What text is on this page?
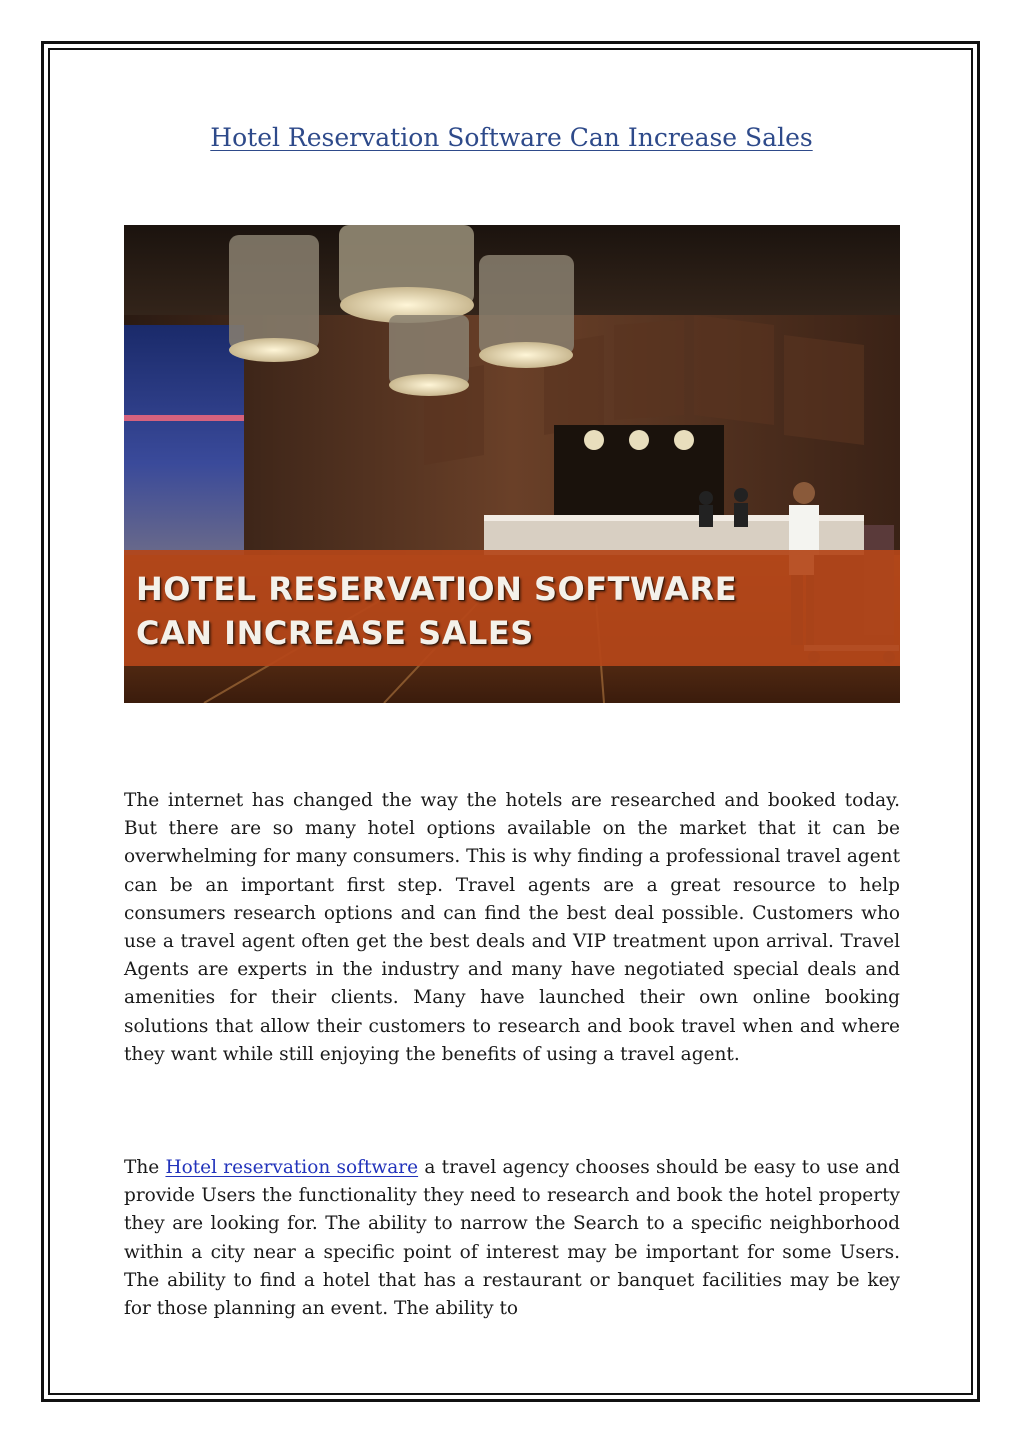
Hotel Reservation Software Can Increase Sales
HOTEL RESERVATION SOFTWARE
CAN INCREASE SALES

The internet has changed the way the hotels are researched and booked today. But there are so many hotel options available on the market that it can be overwhelming for many consumers. This is why finding a professional travel agent can be an important first step. Travel agents are a great resource to help consumers research options and can find the best deal possible. Customers who use a travel agent often get the best deals and VIP treatment upon arrival. Travel Agents are experts in the industry and many have negotiated special deals and amenities for their clients. Many have launched their own online booking solutions that allow their customers to research and book travel when and where they want while still enjoying the benefits of using a travel agent.

The Hotel reservation software a travel agency chooses should be easy to use and provide Users the functionality they need to research and book the hotel property they are looking for. The ability to narrow the Search to a specific neighborhood within a city near a specific point of interest may be important for some Users. The ability to find a hotel that has a restaurant or banquet facilities may be key for those planning an event. The ability to
